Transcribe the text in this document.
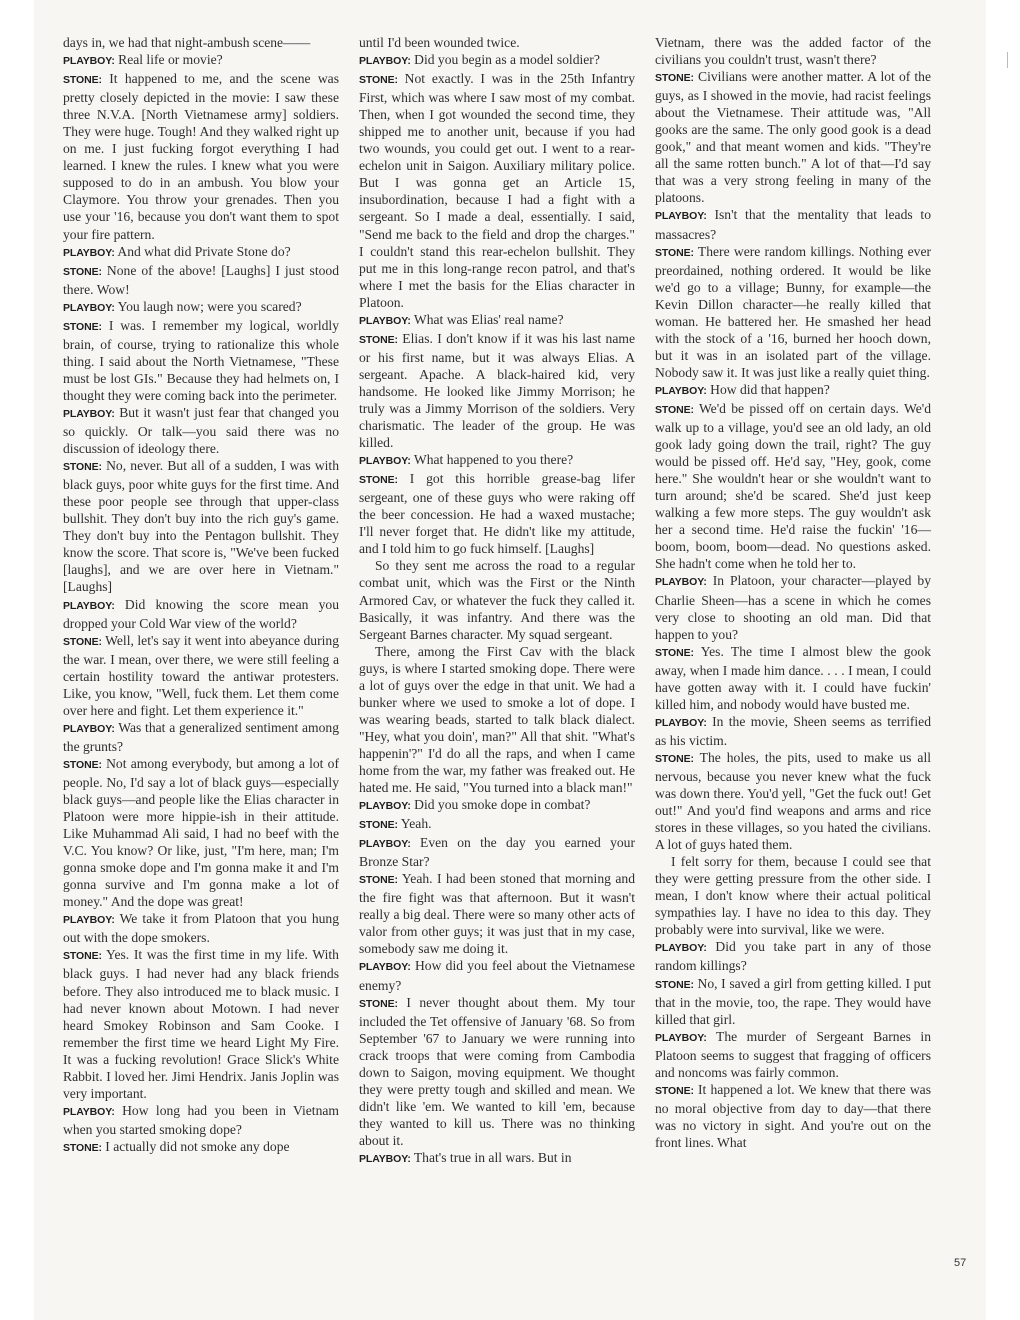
days in, we had that night-ambush scene——

PLAYBOY: Real life or movie?

STONE: It happened to me, and the scene was pretty closely depicted in the movie: I saw these three N.V.A. [North Vietnamese army] soldiers. They were huge. Tough! And they walked right up on me. I just fucking forgot everything I had learned. I knew the rules. I knew what you were supposed to do in an ambush. You blow your Claymore. You throw your grenades. Then you use your '16, because you don't want them to spot your fire pattern.

PLAYBOY: And what did Private Stone do?

STONE: None of the above! [Laughs] I just stood there. Wow!

PLAYBOY: You laugh now; were you scared?

STONE: I was. I remember my logical, worldly brain, of course, trying to rationalize this whole thing. I said about the North Vietnamese, "These must be lost GIs." Because they had helmets on, I thought they were coming back into the perimeter.

PLAYBOY: But it wasn't just fear that changed you so quickly. Or talk—you said there was no discussion of ideology there.

STONE: No, never. But all of a sudden, I was with black guys, poor white guys for the first time. And these poor people see through that upper-class bullshit. They don't buy into the rich guy's game. They don't buy into the Pentagon bullshit. They know the score. That score is, "We've been fucked [laughs], and we are over here in Vietnam." [Laughs]

PLAYBOY: Did knowing the score mean you dropped your Cold War view of the world?

STONE: Well, let's say it went into abeyance during the war. I mean, over there, we were still feeling a certain hostility toward the antiwar protesters. Like, you know, "Well, fuck them. Let them come over here and fight. Let them experience it."

PLAYBOY: Was that a generalized sentiment among the grunts?

STONE: Not among everybody, but among a lot of people. No, I'd say a lot of black guys—especially black guys—and people like the Elias character in Platoon were more hippie-ish in their attitude. Like Muhammad Ali said, I had no beef with the V.C. You know? Or like, just, "I'm here, man; I'm gonna smoke dope and I'm gonna make it and I'm gonna survive and I'm gonna make a lot of money." And the dope was great!

PLAYBOY: We take it from Platoon that you hung out with the dope smokers.

STONE: Yes. It was the first time in my life. With black guys. I had never had any black friends before. They also introduced me to black music. I had never known about Motown. I had never heard Smokey Robinson and Sam Cooke. I remember the first time we heard Light My Fire. It was a fucking revolution! Grace Slick's White Rabbit. I loved her. Jimi Hendrix. Janis Joplin was very important.

PLAYBOY: How long had you been in Vietnam when you started smoking dope?

STONE: I actually did not smoke any dope

until I'd been wounded twice.

PLAYBOY: Did you begin as a model soldier?

STONE: Not exactly. I was in the 25th Infantry First, which was where I saw most of my combat. Then, when I got wounded the second time, they shipped me to another unit, because if you had two wounds, you could get out. I went to a rear-echelon unit in Saigon. Auxiliary military police. But I was gonna get an Article 15, insubordination, because I had a fight with a sergeant. So I made a deal, essentially. I said, "Send me back to the field and drop the charges." I couldn't stand this rear-echelon bullshit. They put me in this long-range recon patrol, and that's where I met the basis for the Elias character in Platoon.

PLAYBOY: What was Elias' real name?

STONE: Elias. I don't know if it was his last name or his first name, but it was always Elias. A sergeant. Apache. A black-haired kid, very handsome. He looked like Jimmy Morrison; he truly was a Jimmy Morrison of the soldiers. Very charismatic. The leader of the group. He was killed.

PLAYBOY: What happened to you there?

STONE: I got this horrible grease-bag lifer sergeant, one of these guys who were raking off the beer concession. He had a waxed mustache; I'll never forget that. He didn't like my attitude, and I told him to go fuck himself. [Laughs]

So they sent me across the road to a regular combat unit, which was the First or the Ninth Armored Cav, or whatever the fuck they called it. Basically, it was infantry. And there was the Sergeant Barnes character. My squad sergeant.

There, among the First Cav with the black guys, is where I started smoking dope. There were a lot of guys over the edge in that unit. We had a bunker where we used to smoke a lot of dope. I was wearing beads, started to talk black dialect. "Hey, what you doin', man?" All that shit. "What's happenin'?" I'd do all the raps, and when I came home from the war, my father was freaked out. He hated me. He said, "You turned into a black man!"

PLAYBOY: Did you smoke dope in combat?

STONE: Yeah.

PLAYBOY: Even on the day you earned your Bronze Star?

STONE: Yeah. I had been stoned that morning and the fire fight was that afternoon. But it wasn't really a big deal. There were so many other acts of valor from other guys; it was just that in my case, somebody saw me doing it.

PLAYBOY: How did you feel about the Vietnamese enemy?

STONE: I never thought about them. My tour included the Tet offensive of January '68. So from September '67 to January we were running into crack troops that were coming from Cambodia down to Saigon, moving equipment. We thought they were pretty tough and skilled and mean. We didn't like 'em. We wanted to kill 'em, because they wanted to kill us. There was no thinking about it.

PLAYBOY: That's true in all wars. But in

Vietnam, there was the added factor of the civilians you couldn't trust, wasn't there?

STONE: Civilians were another matter. A lot of the guys, as I showed in the movie, had racist feelings about the Vietnamese. Their attitude was, "All gooks are the same. The only good gook is a dead gook," and that meant women and kids. "They're all the same rotten bunch." A lot of that—I'd say that was a very strong feeling in many of the platoons.

PLAYBOY: Isn't that the mentality that leads to massacres?

STONE: There were random killings. Nothing ever preordained, nothing ordered. It would be like we'd go to a village; Bunny, for example—the Kevin Dillon character—he really killed that woman. He battered her. He smashed her head with the stock of a '16, burned her hooch down, but it was in an isolated part of the village. Nobody saw it. It was just like a really quiet thing.

PLAYBOY: How did that happen?

STONE: We'd be pissed off on certain days. We'd walk up to a village, you'd see an old lady, an old gook lady going down the trail, right? The guy would be pissed off. He'd say, "Hey, gook, come here." She wouldn't hear or she wouldn't want to turn around; she'd be scared. She'd just keep walking a few more steps. The guy wouldn't ask her a second time. He'd raise the fuckin' '16—boom, boom, boom—dead. No questions asked. She hadn't come when he told her to.

PLAYBOY: In Platoon, your character—played by Charlie Sheen—has a scene in which he comes very close to shooting an old man. Did that happen to you?

STONE: Yes. The time I almost blew the gook away, when I made him dance. . . . I mean, I could have gotten away with it. I could have fuckin' killed him, and nobody would have busted me.

PLAYBOY: In the movie, Sheen seems as terrified as his victim.

STONE: The holes, the pits, used to make us all nervous, because you never knew what the fuck was down there. You'd yell, "Get the fuck out! Get out!" And you'd find weapons and arms and rice stores in these villages, so you hated the civilians. A lot of guys hated them.

I felt sorry for them, because I could see that they were getting pressure from the other side. I mean, I don't know where their actual political sympathies lay. I have no idea to this day. They probably were into survival, like we were.

PLAYBOY: Did you take part in any of those random killings?

STONE: No, I saved a girl from getting killed. I put that in the movie, too, the rape. They would have killed that girl.

PLAYBOY: The murder of Sergeant Barnes in Platoon seems to suggest that fragging of officers and noncoms was fairly common.

STONE: It happened a lot. We knew that there was no moral objective from day to day—that there was no victory in sight. And you're out on the front lines. What

57
